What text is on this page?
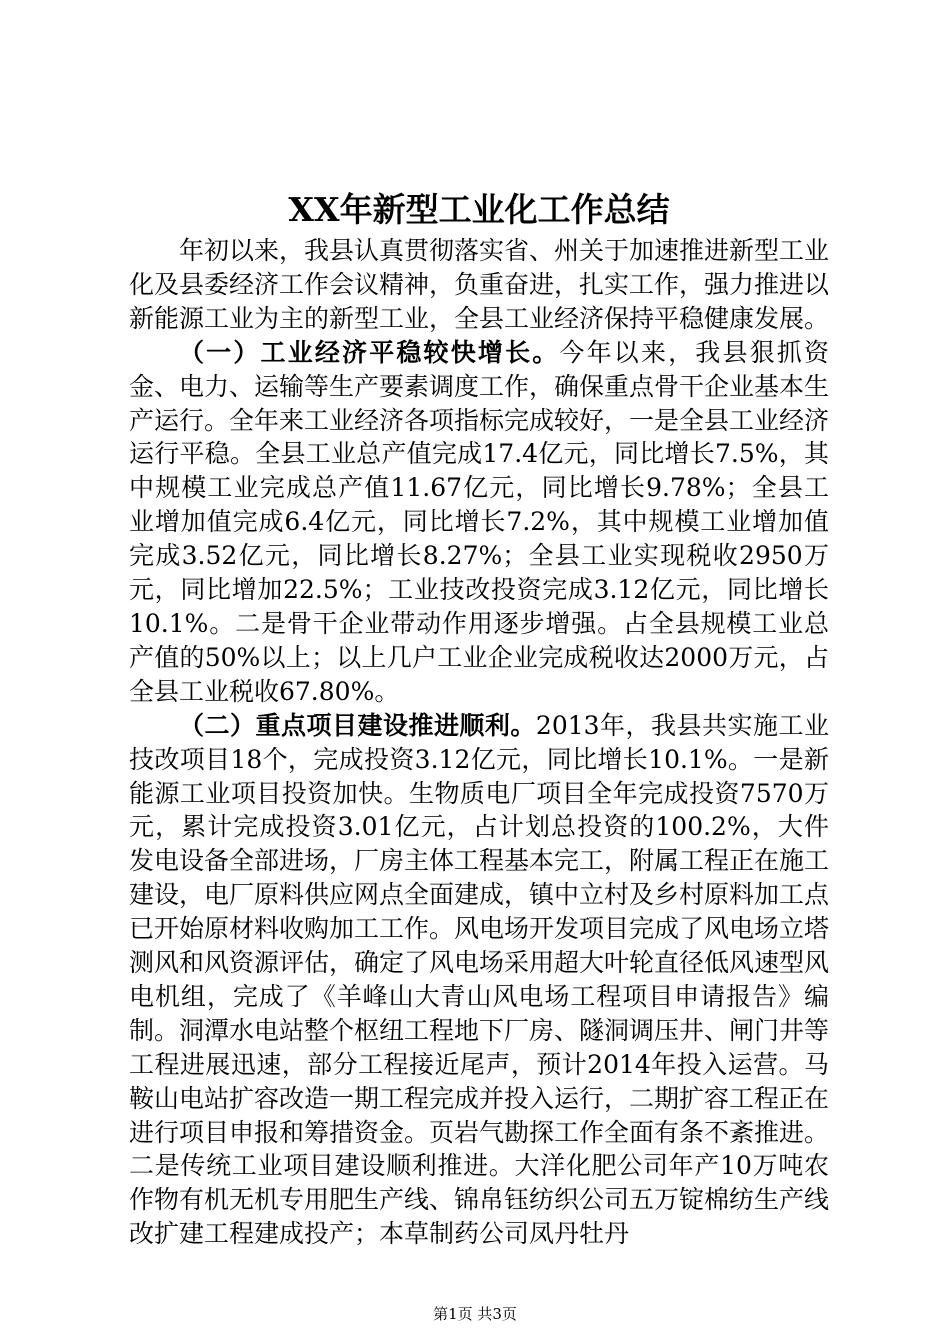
XX年新型工业化工作总结

年初以来，我县认真贯彻落实省、州关于加速推进新型工业化及县委经济工作会议精神，负重奋进，扎实工作，强力推进以新能源工业为主的新型工业，全县工业经济保持平稳健康发展。

（一）工业经济平稳较快增长。今年以来，我县狠抓资金、电力、运输等生产要素调度工作，确保重点骨干企业基本生产运行。全年来工业经济各项指标完成较好，一是全县工业经济运行平稳。全县工业总产值完成17.4亿元，同比增长7.5%，其中规模工业完成总产值11.67亿元，同比增长9.78%；全县工业增加值完成6.4亿元，同比增长7.2%，其中规模工业增加值完成3.52亿元，同比增长8.27%；全县工业实现税收2950万元，同比增加22.5%；工业技改投资完成3.12亿元，同比增长10.1%。二是骨干企业带动作用逐步增强。占全县规模工业总产值的50%以上；以上几户工业企业完成税收达2000万元，占全县工业税收67.80%。

（二）重点项目建设推进顺利。2013年，我县共实施工业技改项目18个，完成投资3.12亿元，同比增长10.1%。一是新能源工业项目投资加快。生物质电厂项目全年完成投资7570万元，累计完成投资3.01亿元，占计划总投资的100.2%，大件发电设备全部进场，厂房主体工程基本完工，附属工程正在施工建设，电厂原料供应网点全面建成，镇中立村及乡村原料加工点已开始原材料收购加工工作。风电场开发项目完成了风电场立塔测风和风资源评估，确定了风电场采用超大叶轮直径低风速型风电机组，完成了《羊峰山大青山风电场工程项目申请报告》编制。洞潭水电站整个枢纽工程地下厂房、隧洞调压井、闸门井等工程进展迅速，部分工程接近尾声，预计2014年投入运营。马鞍山电站扩容改造一期工程完成并投入运行，二期扩容工程正在进行项目申报和筹措资金。页岩气勘探工作全面有条不紊推进。二是传统工业项目建设顺利推进。大洋化肥公司年产10万吨农作物有机无机专用肥生产线、锦帛钰纺织公司五万锭棉纺生产线改扩建工程建成投产；本草制药公司凤丹牡丹

第1页 共3页
